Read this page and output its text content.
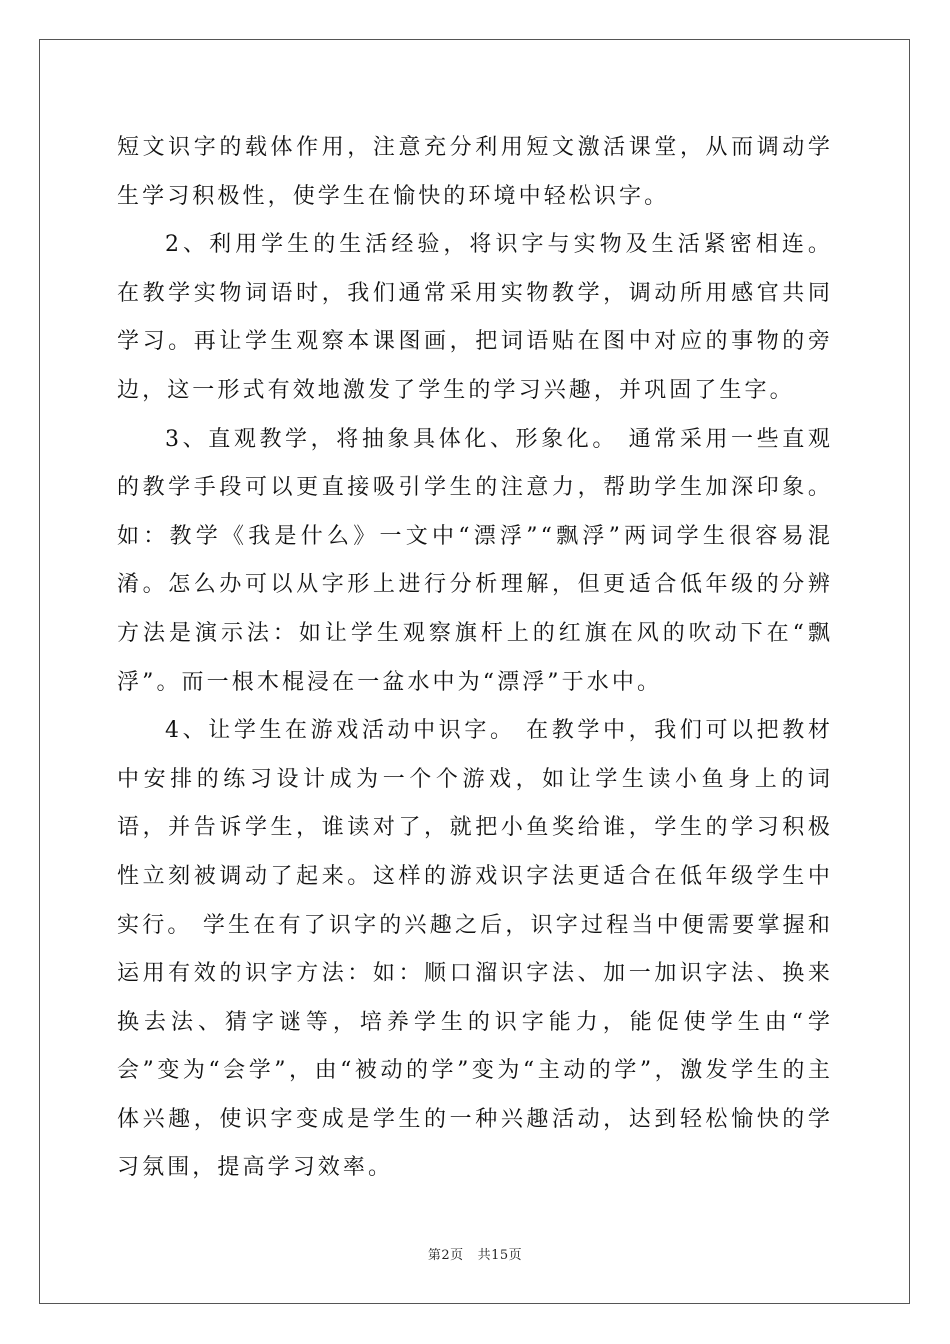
短文识字的载体作用，注意充分利用短文激活课堂，从而调动学生学习积极性，使学生在愉快的环境中轻松识字。

2、利用学生的生活经验，将识字与实物及生活紧密相连。在教学实物词语时，我们通常采用实物教学，调动所用感官共同学习。再让学生观察本课图画，把词语贴在图中对应的事物的旁边，这一形式有效地激发了学生的学习兴趣，并巩固了生字。

3、直观教学，将抽象具体化、形象化。 通常采用一些直观的教学手段可以更直接吸引学生的注意力，帮助学生加深印象。如：教学《我是什么》一文中“漂浮”“飘浮”两词学生很容易混淆。怎么办可以从字形上进行分析理解，但更适合低年级的分辨方法是演示法：如让学生观察旗杆上的红旗在风的吹动下在“飘浮”。而一根木棍浸在一盆水中为“漂浮”于水中。

4、让学生在游戏活动中识字。 在教学中，我们可以把教材中安排的练习设计成为一个个游戏，如让学生读小鱼身上的词语，并告诉学生，谁读对了，就把小鱼奖给谁，学生的学习积极性立刻被调动了起来。这样的游戏识字法更适合在低年级学生中实行。 学生在有了识字的兴趣之后，识字过程当中便需要掌握和运用有效的识字方法：如：顺口溜识字法、加一加识字法、换来换去法、猜字谜等，培养学生的识字能力，能促使学生由“学会”变为“会学”，由“被动的学”变为“主动的学”，激发学生的主体兴趣，使识字变成是学生的一种兴趣活动，达到轻松愉快的学习氛围，提高学习效率。

第2页 共15页
